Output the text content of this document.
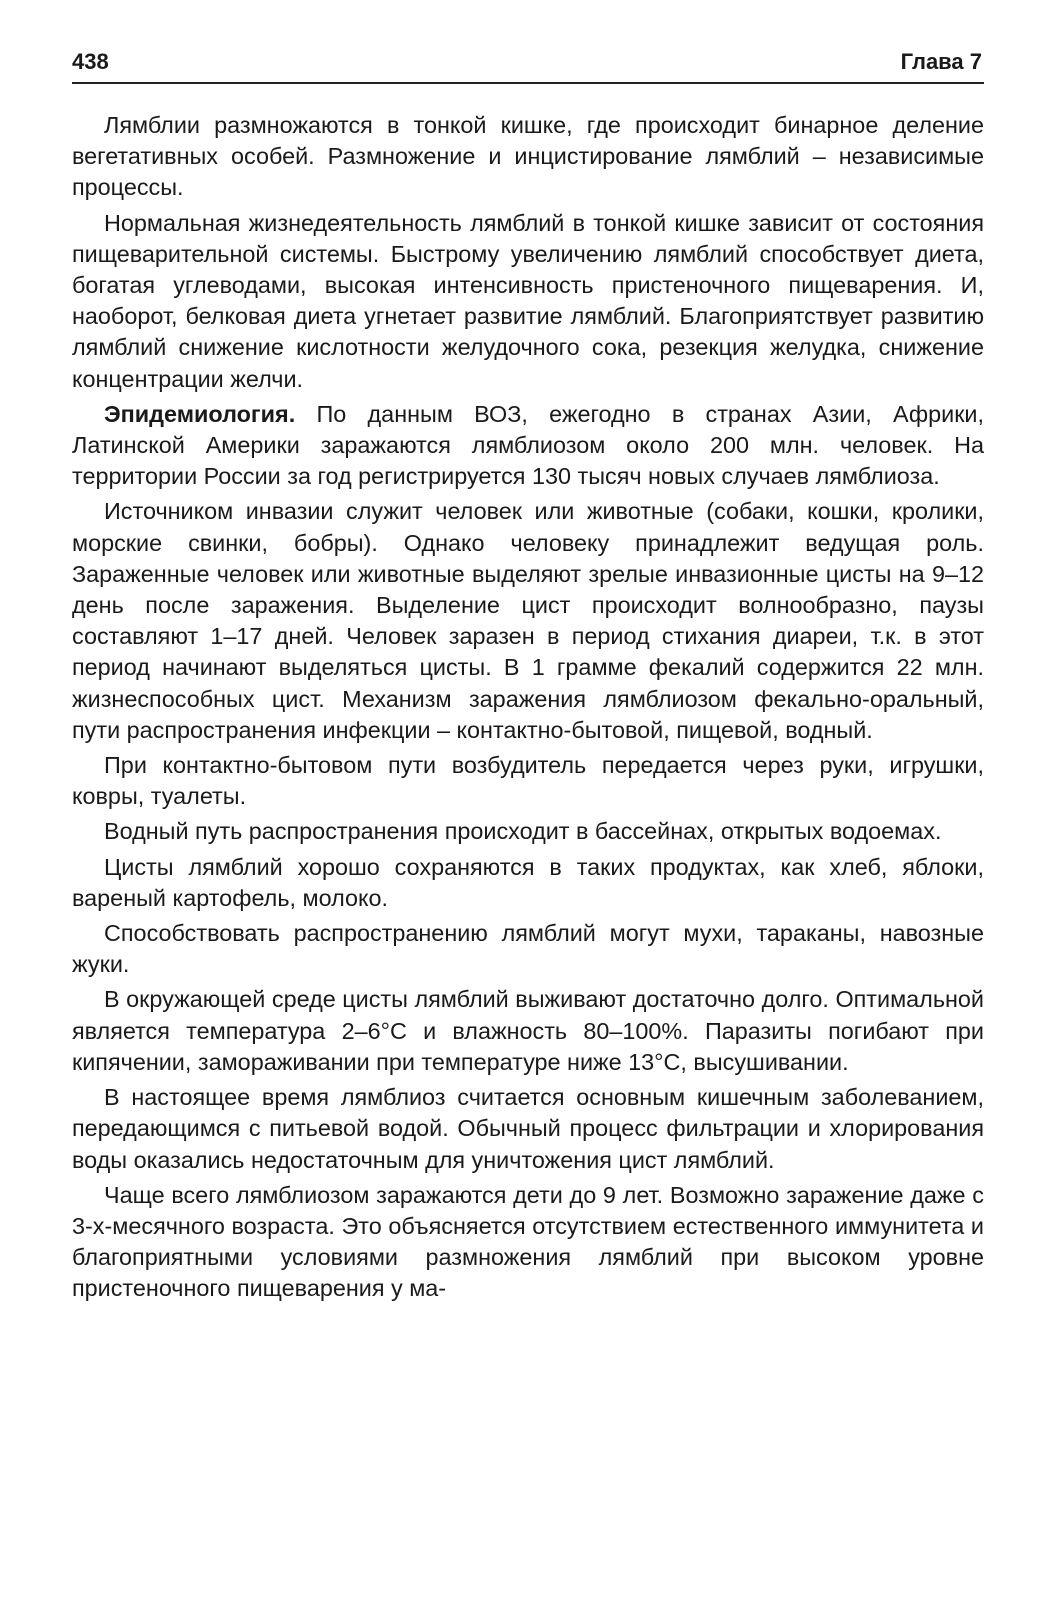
438	Глава 7

Лямблии размножаются в тонкой кишке, где происходит бинарное деление вегетативных особей. Размножение и инцистирование лямблий – независимые процессы.

Нормальная жизнедеятельность лямблий в тонкой кишке зависит от состояния пищеварительной системы. Быстрому увеличению лямблий способствует диета, богатая углеводами, высокая интенсивность пристеночного пищеварения. И, наоборот, белковая диета угнетает развитие лямблий. Благоприятствует развитию лямблий снижение кислотности желудочного сока, резекция желудка, снижение концентрации желчи.

Эпидемиология. По данным ВОЗ, ежегодно в странах Азии, Африки, Латинской Америки заражаются лямблиозом около 200 млн. человек. На территории России за год регистрируется 130 тысяч новых случаев лямблиоза.

Источником инвазии служит человек или животные (собаки, кошки, кролики, морские свинки, бобры). Однако человеку принадлежит ведущая роль. Зараженные человек или животные выделяют зрелые инвазионные цисты на 9–12 день после заражения. Выделение цист происходит волнообразно, паузы составляют 1–17 дней. Человек заразен в период стихания диареи, т.к. в этот период начинают выделяться цисты. В 1 грамме фекалий содержится 22 млн. жизнеспособных цист. Механизм заражения лямблиозом фекально-оральный, пути распространения инфекции – контактно-бытовой, пищевой, водный.

При контактно-бытовом пути возбудитель передается через руки, игрушки, ковры, туалеты.

Водный путь распространения происходит в бассейнах, открытых водоемах.

Цисты лямблий хорошо сохраняются в таких продуктах, как хлеб, яблоки, вареный картофель, молоко.

Способствовать распространению лямблий могут мухи, тараканы, навозные жуки.

В окружающей среде цисты лямблий выживают достаточно долго. Оптимальной является температура 2–6°С и влажность 80–100%. Паразиты погибают при кипячении, замораживании при температуре ниже 13°С, высушивании.

В настоящее время лямблиоз считается основным кишечным заболеванием, передающимся с питьевой водой. Обычный процесс фильтрации и хлорирования воды оказались недостаточным для уничтожения цист лямблий.

Чаще всего лямблиозом заражаются дети до 9 лет. Возможно заражение даже с 3-х-месячного возраста. Это объясняется отсутствием естественного иммунитета и благоприятными условиями размножения лямблий при высоком уровне пристеночного пищеварения у ма-
